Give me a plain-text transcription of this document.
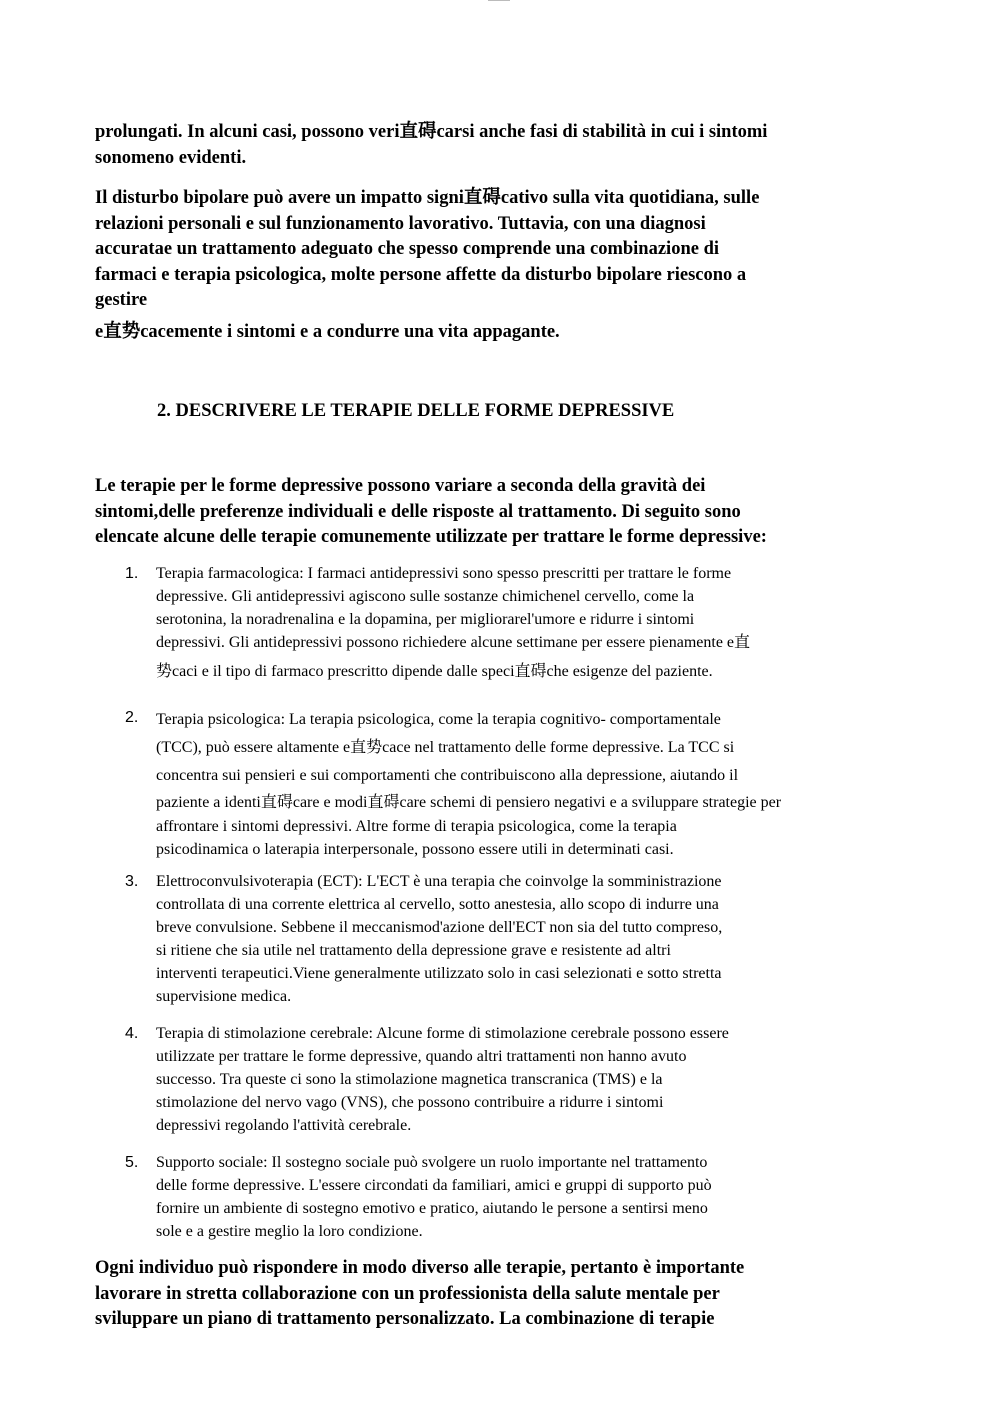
prolungati. In alcuni casi, possono veri直碍carsi anche fasi di stabilità in cui i sintomi
sonomeno evidenti.

Il disturbo bipolare può avere un impatto signi直碍cativo sulla vita quotidiana, sulle
relazioni personali e sul funzionamento lavorativo. Tuttavia, con una diagnosi
accuratae un trattamento adeguato che spesso comprende una combinazione di
farmaci e terapia psicologica, molte persone affette da disturbo bipolare riescono a
gestire
e直势cacemente i sintomi e a condurre una vita appagante.

2. DESCRIVERE LE TERAPIE DELLE FORME DEPRESSIVE

Le terapie per le forme depressive possono variare a seconda della gravità dei
sintomi,delle preferenze individuali e delle risposte al trattamento. Di seguito sono
elencate alcune delle terapie comunemente utilizzate per trattare le forme depressive:

1. Terapia farmacologica: I farmaci antidepressivi sono spesso prescritti per trattare le forme
depressive. Gli antidepressivi agiscono sulle sostanze chimichenel cervello, come la
serotonina, la noradrenalina e la dopamina, per migliorarel'umore e ridurre i sintomi
depressivi. Gli antidepressivi possono richiedere alcune settimane per essere pienamente e直
势caci e il tipo di farmaco prescritto dipende dalle speci直碍che esigenze del paziente.

2. Terapia psicologica: La terapia psicologica, come la terapia cognitivo- comportamentale
(TCC), può essere altamente e直势cace nel trattamento delle forme depressive. La TCC si
concentra sui pensieri e sui comportamenti che contribuiscono alla depressione, aiutando il
paziente a identi直碍care e modi直碍care schemi di pensiero negativi e a sviluppare strategie per
affrontare i sintomi depressivi. Altre forme di terapia psicologica, come la terapia
psicodinamica o laterapia interpersonale, possono essere utili in determinati casi.

3. Elettroconvulsivoterapia (ECT): L'ECT è una terapia che coinvolge la somministrazione
controllata di una corrente elettrica al cervello, sotto anestesia, allo scopo di indurre una
breve convulsione. Sebbene il meccanismod'azione dell'ECT non sia del tutto compreso,
si ritiene che sia utile nel trattamento della depressione grave e resistente ad altri
interventi terapeutici.Viene generalmente utilizzato solo in casi selezionati e sotto stretta
supervisione medica.

4. Terapia di stimolazione cerebrale: Alcune forme di stimolazione cerebrale possono essere
utilizzate per trattare le forme depressive, quando altri trattamenti non hanno avuto
successo. Tra queste ci sono la stimolazione magnetica transcranica (TMS) e la
stimolazione del nervo vago (VNS), che possono contribuire a ridurre i sintomi
depressivi regolando l'attività cerebrale.

5. Supporto sociale: Il sostegno sociale può svolgere un ruolo importante nel trattamento
delle forme depressive. L'essere circondati da familiari, amici e gruppi di supporto può
fornire un ambiente di sostegno emotivo e pratico, aiutando le persone a sentirsi meno
sole e a gestire meglio la loro condizione.

Ogni individuo può rispondere in modo diverso alle terapie, pertanto è importante
lavorare in stretta collaborazione con un professionista della salute mentale per
sviluppare un piano di trattamento personalizzato. La combinazione di terapie
